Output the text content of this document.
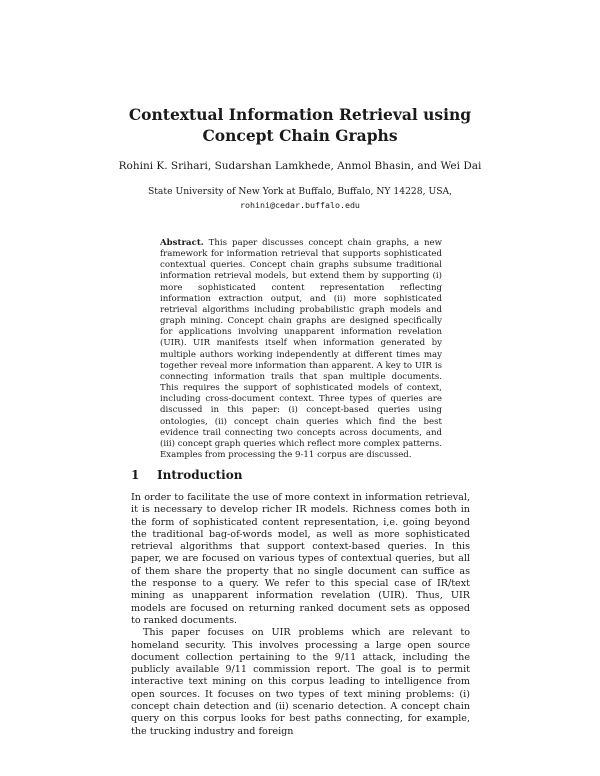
Contextual Information Retrieval using Concept Chain Graphs
Rohini K. Srihari, Sudarshan Lamkhede, Anmol Bhasin, and Wei Dai
State University of New York at Buffalo, Buffalo, NY 14228, USA,
rohini@cedar.buffalo.edu
Abstract. This paper discusses concept chain graphs, a new framework for information retrieval that supports sophisticated contextual queries. Concept chain graphs subsume traditional information retrieval models, but extend them by supporting (i) more sophisticated content representation reflecting information extraction output, and (ii) more sophisticated retrieval algorithms including probabilistic graph models and graph mining. Concept chain graphs are designed specifically for applications involving unapparent information revelation (UIR). UIR manifests itself when information generated by multiple authors working independently at different times may together reveal more information than apparent. A key to UIR is connecting information trails that span multiple documents. This requires the support of sophisticated models of context, including cross-document context. Three types of queries are discussed in this paper: (i) concept-based queries using ontologies, (ii) concept chain queries which find the best evidence trail connecting two concepts across documents, and (iii) concept graph queries which reflect more complex patterns. Examples from processing the 9-11 corpus are discussed.
1 Introduction

In order to facilitate the use of more context in information retrieval, it is necessary to develop richer IR models. Richness comes both in the form of sophisticated content representation, i,e. going beyond the traditional bag-of-words model, as well as more sophisticated retrieval algorithms that support context-based queries. In this paper, we are focused on various types of contextual queries, but all of them share the property that no single document can suffice as the response to a query. We refer to this special case of IR/text mining as unapparent information revelation (UIR). Thus, UIR models are focused on returning ranked document sets as opposed to ranked documents.

This paper focuses on UIR problems which are relevant to homeland security. This involves processing a large open source document collection pertaining to the 9/11 attack, including the publicly available 9/11 commission report. The goal is to permit interactive text mining on this corpus leading to intelligence from open sources. It focuses on two types of text mining problems: (i) concept chain detection and (ii) scenario detection. A concept chain query on this corpus looks for best paths connecting, for example, the trucking industry and foreign
